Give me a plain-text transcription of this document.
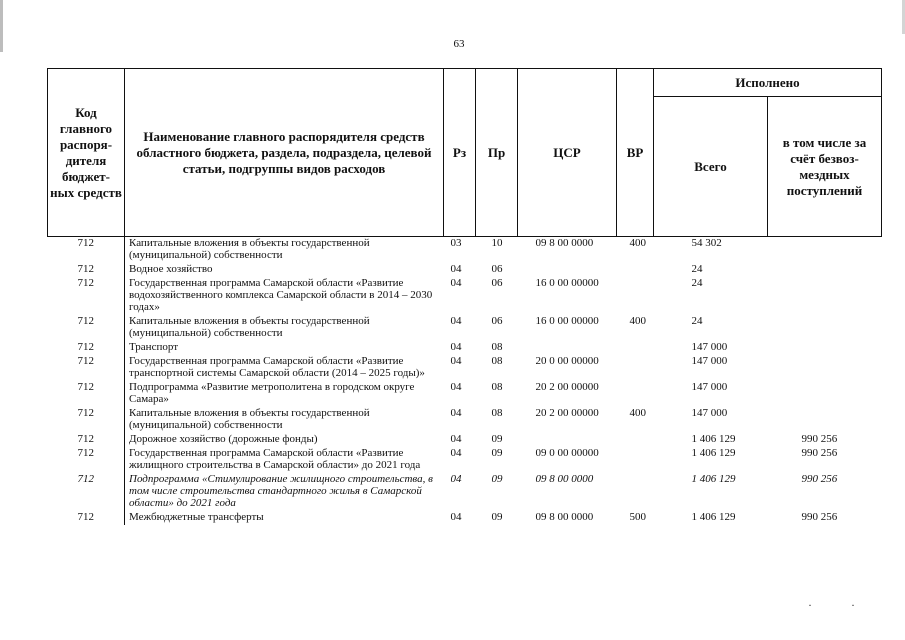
63
Код главного распоря-дителя бюджет-ных средств	Наименование главного распорядителя средств областного бюджета, раздела, подраздела, целевой статьи, подгруппы видов расходов	Рз	Пр	ЦСР	ВР	Исполнено	
						Всего	в том числе за счёт безвоз-мездных поступлений
712	Капитальные вложения в объекты государственной (муниципальной) собственности	03	10	09 8 00 0000	400	54 302	
712	Водное хозяйство	04	06			24	
712	Государственная программа Самарской области «Развитие водохозяйственного комплекса Самарской области в 2014 – 2030 годах»	04	06	16 0 00 00000		24	
712	Капитальные вложения в объекты государственной (муниципальной) собственности	04	06	16 0 00 00000	400	24	
712	Транспорт	04	08			147 000	
712	Государственная программа Самарской области «Развитие транспортной системы Самарской области (2014 – 2025 годы)»	04	08	20 0 00 00000		147 000	
712	Подпрограмма «Развитие метрополитена в городском округе Самара»	04	08	20 2 00 00000		147 000	
712	Капитальные вложения в объекты государственной (муниципальной) собственности	04	08	20 2 00 00000	400	147 000	
712	Дорожное хозяйство (дорожные фонды)	04	09			1 406 129	990 256
712	Государственная программа Самарской области «Развитие жилищного строительства в Самарской области» до 2021 года	04	09	09 0 00 00000		1 406 129	990 256
712	Подпрограмма «Стимулирование жилищного строительства, в том числе строительства стандартного жилья в Самарской области» до 2021 года	04	09	09 8 00 0000		1 406 129	990 256
712	Межбюджетные трансферты	04	09	09 8 00 0000	500	1 406 129	990 256
· ·
